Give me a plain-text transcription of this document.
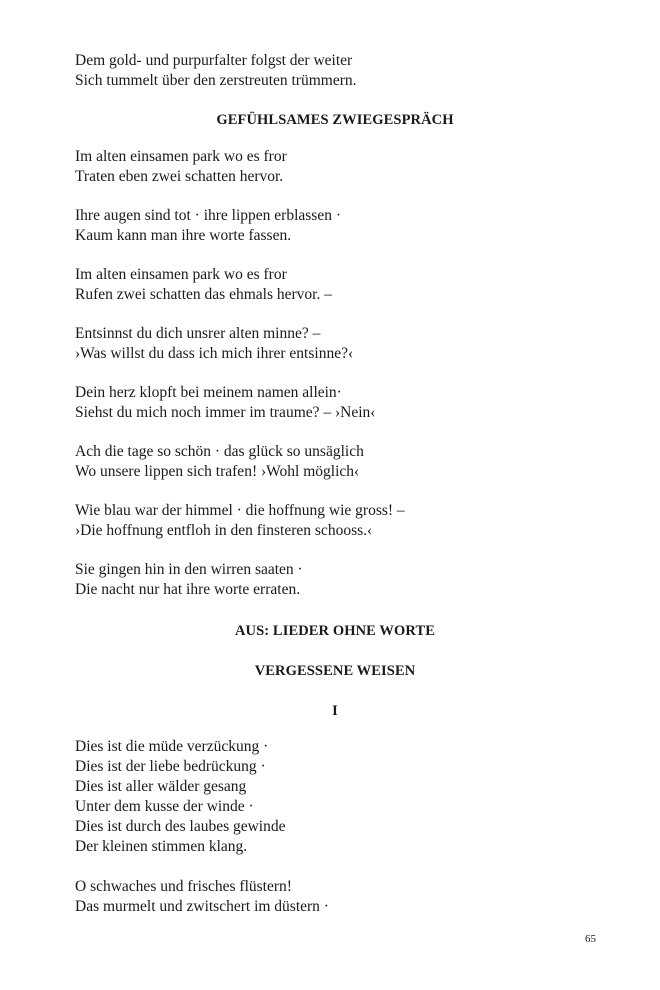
Dem gold- und purpurfalter folgst der weiter
Sich tummelt über den zerstreuten trümmern.
GEFÜHLSAMES ZWIEGESPRÄCH
Im alten einsamen park wo es fror
Traten eben zwei schatten hervor.
Ihre augen sind tot · ihre lippen erblassen ·
Kaum kann man ihre worte fassen.
Im alten einsamen park wo es fror
Rufen zwei schatten das ehmals hervor. –
Entsinnst du dich unsrer alten minne? –
›Was willst du dass ich mich ihrer entsinne?‹
Dein herz klopft bei meinem namen allein·
Siehst du mich noch immer im traume? – ›Nein‹
Ach die tage so schön · das glück so unsäglich
Wo unsere lippen sich trafen! ›Wohl möglich‹
Wie blau war der himmel · die hoffnung wie gross! –
›Die hoffnung entfloh in den finsteren schooss.‹
Sie gingen hin in den wirren saaten ·
Die nacht nur hat ihre worte erraten.
AUS: LIEDER OHNE WORTE
VERGESSENE WEISEN
I
Dies ist die müde verzückung ·
Dies ist der liebe bedrückung ·
Dies ist aller wälder gesang
Unter dem kusse der winde ·
Dies ist durch des laubes gewinde
Der kleinen stimmen klang.
O schwaches und frisches flüstern!
Das murmelt und zwitschert im düstern ·
65
